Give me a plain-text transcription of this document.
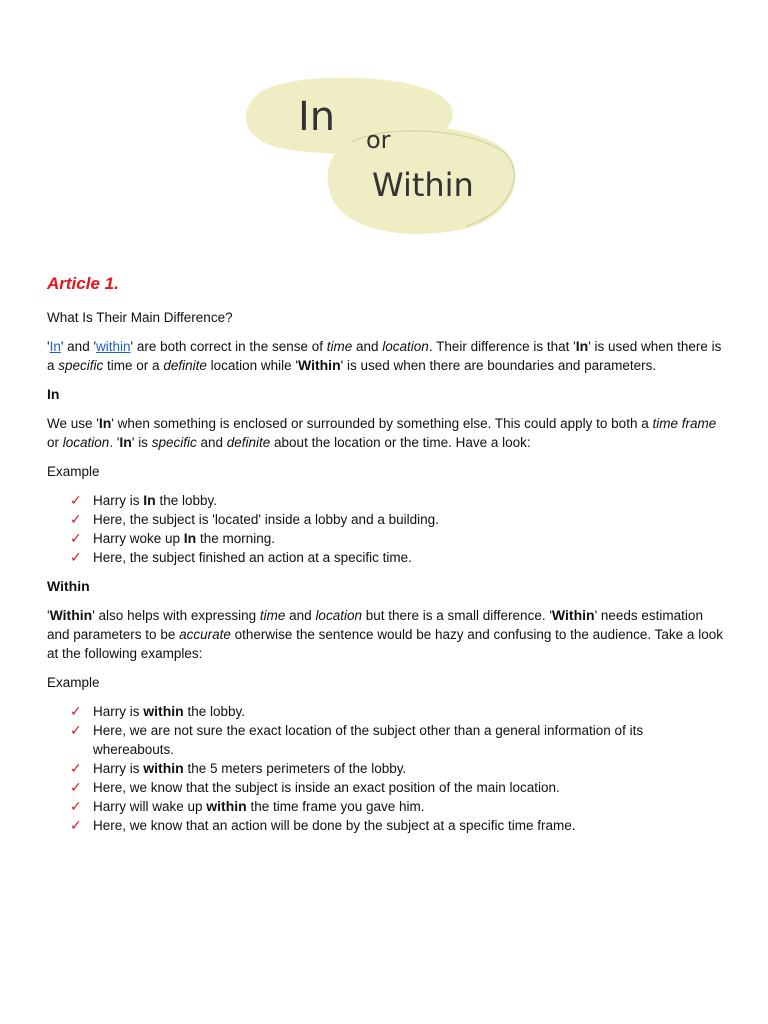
In or
Within
Article 1.

What Is Their Main Difference?

'In' and 'within' are both correct in the sense of time and location. Their difference is that 'In' is used when there is a specific time or a definite location while 'Within' is used when there are boundaries and parameters.

In

We use 'In' when something is enclosed or surrounded by something else. This could apply to both a time frame or location. 'In' is specific and definite about the location or the time. Have a look:

Example

✓ Harry is In the lobby.
✓ Here, the subject is 'located' inside a lobby and a building.
✓ Harry woke up In the morning.
✓ Here, the subject finished an action at a specific time.
Within

'Within' also helps with expressing time and location but there is a small difference. 'Within' needs estimation and parameters to be accurate otherwise the sentence would be hazy and confusing to the audience. Take a look at the following examples:

Example

✓ Harry is within the lobby.
✓ Here, we are not sure the exact location of the subject other than a general information of its whereabouts.
✓ Harry is within the 5 meters perimeters of the lobby.
✓ Here, we know that the subject is inside an exact position of the main location.
✓ Harry will wake up within the time frame you gave him.
✓ Here, we know that an action will be done by the subject at a specific time frame.
